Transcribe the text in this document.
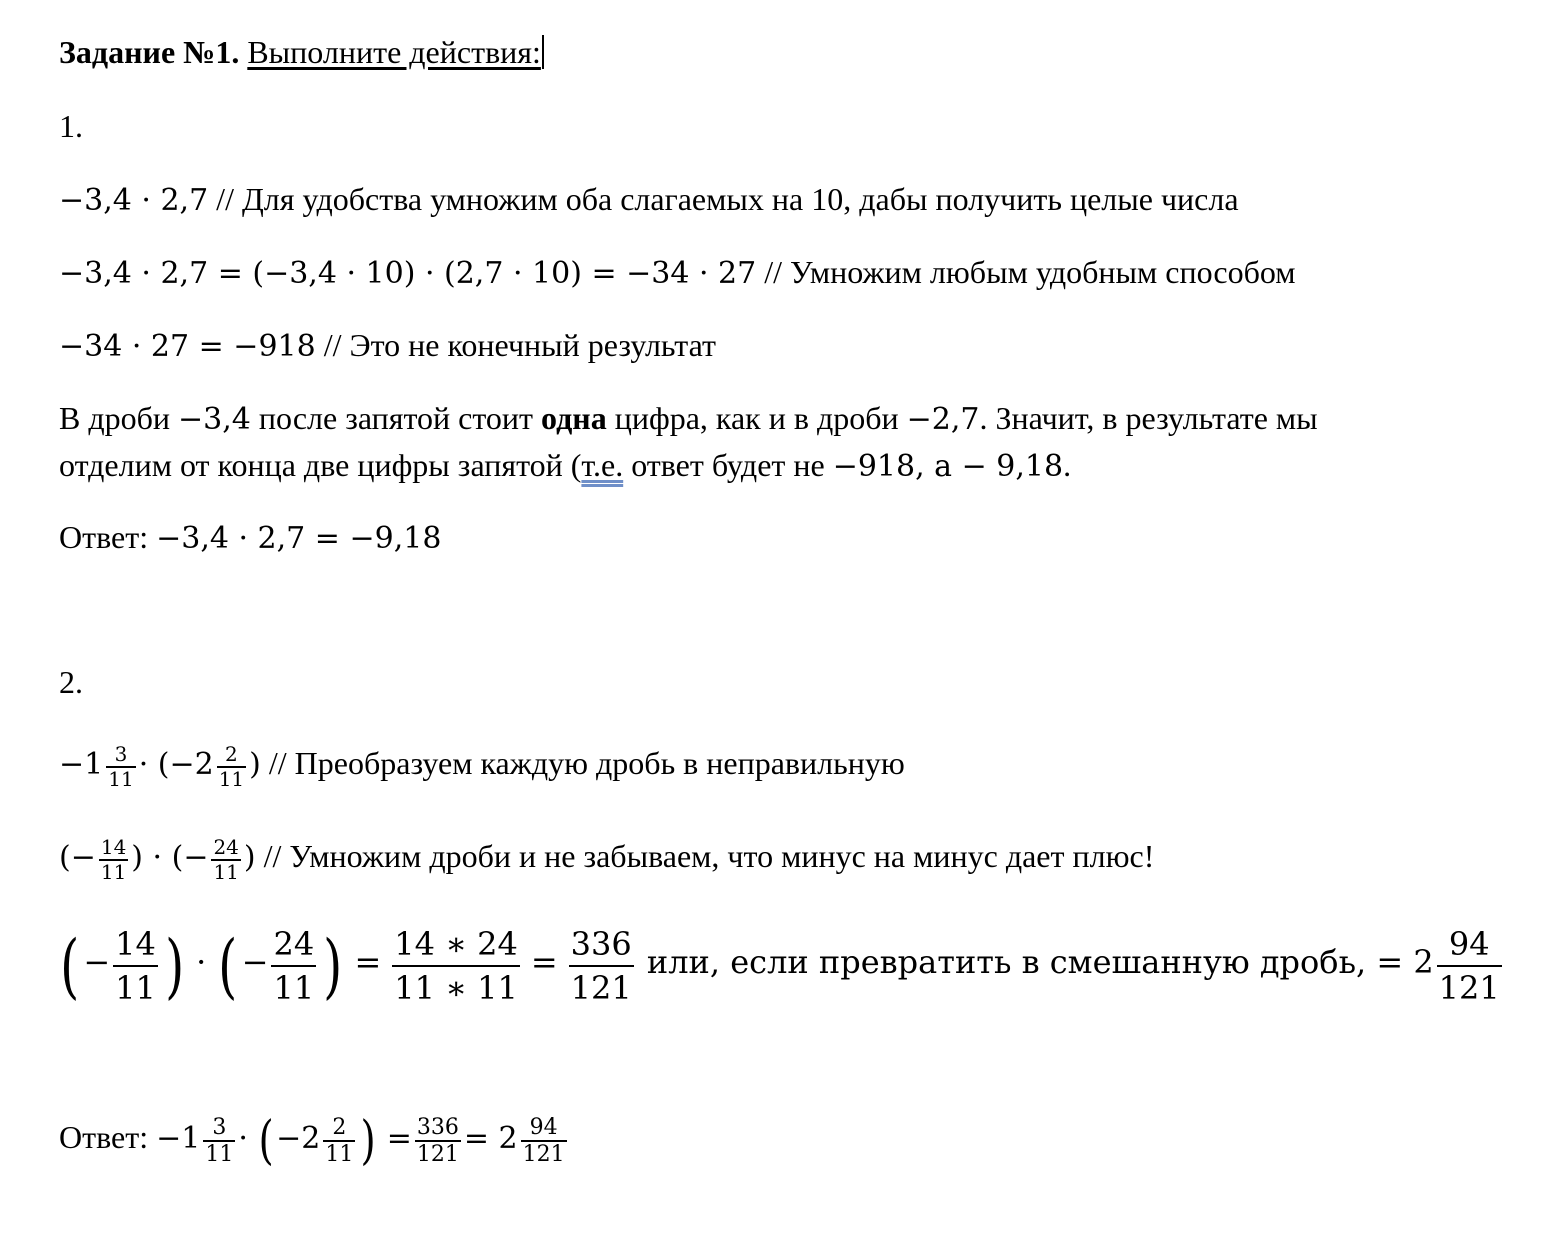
Задание №1. Выполните действия:
1.
−3,4 · 2,7 // Для удобства умножим оба слагаемых на 10, дабы получить целые числа
−3,4 · 2,7 = (−3,4 · 10) · (2,7 · 10) = −34 · 27 // Умножим любым удобным способом
−34 · 27 = −918 // Это не конечный результат
В дроби −3,4 после запятой стоит одна цифра, как и в дроби −2,7. Значит, в результате мы
отделим от конца две цифры запятой (т.е. ответ будет не −918, а − 9,18.
Ответ: −3,4 · 2,7 = −9,18
2.
$-1 \frac{3}{11} \cdot (-2 \frac{2}{11}$ ) // Преобразуем каждую дробь в неправильную
(− $\frac{14}{11}$ ) · (− $\frac{24}{11}$ ) // Умножим дроби и не забываем, что минус на минус дает плюс!
( − $\frac{14}{11}$ ) · ( − $\frac{24}{11}$ ) = $\frac{14 ∗ 24}{11 ∗ 11} = \frac{336}{121}$ или, если превратить в смешанную дробь, = $2 \frac{94}{121}$
Ответ: $-1 \frac{3}{11} \cdot (-2 \frac{2}{11}$ ) = $\frac{336}{121} = 2 \frac{94}{121}$
